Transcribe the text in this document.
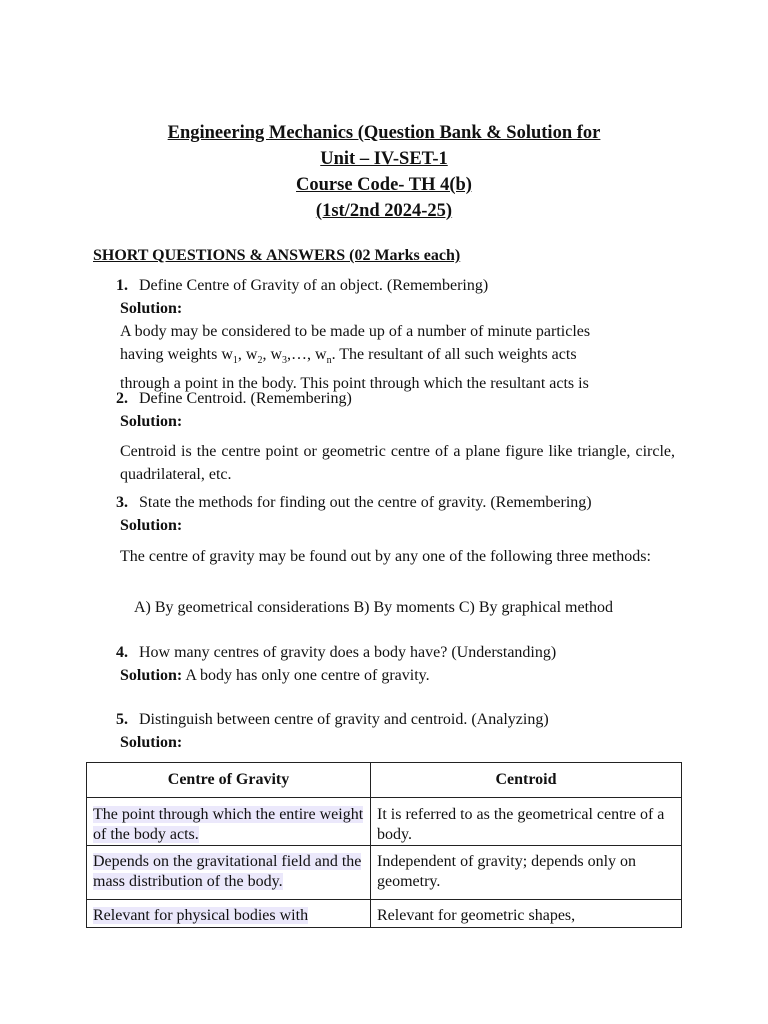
Engineering Mechanics (Question Bank & Solution for
Unit – IV-SET-1
Course Code- TH 4(b)
(1st/2nd 2024-25)
SHORT QUESTIONS & ANSWERS (02 Marks each)
1. Define Centre of Gravity of an object. (Remembering)
Solution:
A body may be considered to be made up of a number of minute particles
having weights $w_1$, $w_2$, $w_3,\dots$, $w_n$. The resultant of all such weights acts
through a point in the body. This point through which the resultant acts is
2. Define Centroid. (Remembering)
Solution:
Centroid is the centre point or geometric centre of a plane figure like triangle, circle, quadrilateral, etc.
3. State the methods for finding out the centre of gravity. (Remembering)
Solution:
The centre of gravity may be found out by any one of the following three methods:
A) By geometrical considerations B) By moments C) By graphical method
4. How many centres of gravity does a body have? (Understanding)
Solution: A body has only one centre of gravity.
5. Distinguish between centre of gravity and centroid. (Analyzing)
Solution:
Centre of Gravity	Centroid
The point through which the entire weight of the body acts.	It is referred to as the geometrical centre of a body.
Depends on the gravitational field and the mass distribution of the body.	Independent of gravity; depends only on geometry.
Relevant for physical bodies with	Relevant for geometric shapes,
